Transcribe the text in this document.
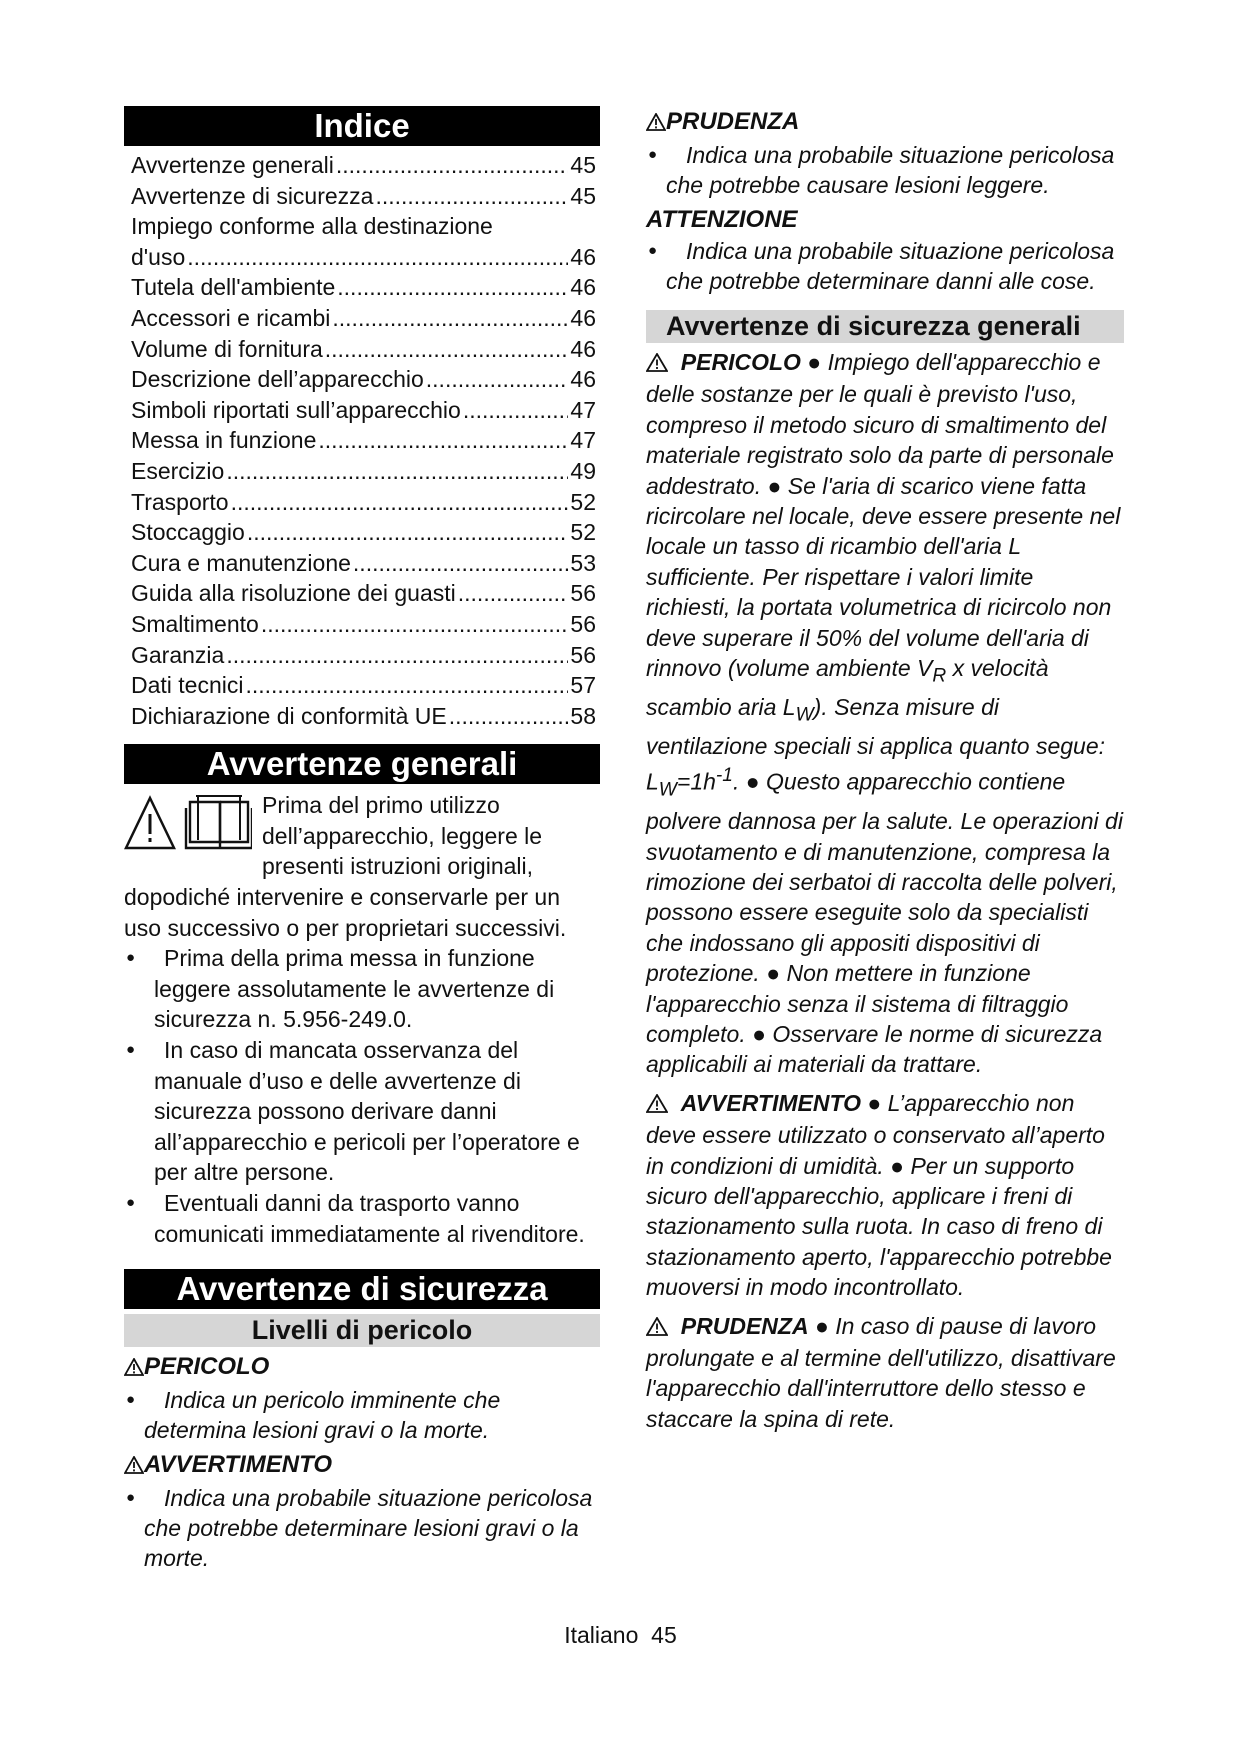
Indice
Avvertenze generali .....	45
Avvertenze di sicurezza .....	45
Impiego conforme alla destinazione
d'uso .....	46
Tutela dell'ambiente .....	46
Accessori e ricambi .....	46
Volume di fornitura .....	46
Descrizione dell’apparecchio .....	46
Simboli riportati sull’apparecchio .....	47
Messa in funzione .....	47
Esercizio .....	49
Trasporto .....	52
Stoccaggio .....	52
Cura e manutenzione .....	53
Guida alla risoluzione dei guasti .....	56
Smaltimento .....	56
Garanzia .....	56
Dati tecnici .....	57
Dichiarazione di conformità UE .....	58
Avvertenze generali
Prima del primo utilizzo dell’apparecchio, leggere le presenti istruzioni originali, dopodiché intervenire e conservarle per un uso successivo o per proprietari successivi.
● Prima della prima messa in funzione leggere assolutamente le avvertenze di sicurezza n. 5.956-249.0.
● In caso di mancata osservanza del manuale d’uso e delle avvertenze di sicurezza possono derivare danni all’apparecchio e pericoli per l’operatore e per altre persone.
● Eventuali danni da trasporto vanno comunicati immediatamente al rivenditore.
Avvertenze di sicurezza
Livelli di pericolo
PERICOLO
● Indica un pericolo imminente che determina lesioni gravi o la morte.
AVVERTIMENTO
● Indica una probabile situazione pericolosa che potrebbe determinare lesioni gravi o la morte.
PRUDENZA
● Indica una probabile situazione pericolosa che potrebbe causare lesioni leggere.
ATTENZIONE
● Indica una probabile situazione pericolosa che potrebbe determinare danni alle cose.
Avvertenze di sicurezza generali
PERICOLO ● Impiego dell'apparecchio e delle sostanze per le quali è previsto l'uso, compreso il metodo sicuro di smaltimento del materiale registrato solo da parte di personale addestrato. ● Se l'aria di scarico viene fatta ricircolare nel locale, deve essere presente nel locale un tasso di ricambio dell'aria L sufficiente. Per rispettare i valori limite richiesti, la portata volumetrica di ricircolo non deve superare il 50% del volume dell'aria di rinnovo (volume ambiente $V_R$ x velocità scambio aria $L_W$). Senza misure di ventilazione speciali si applica quanto segue: $L_W=1h^{-1}$. ● Questo apparecchio contiene polvere dannosa per la salute. Le operazioni di svuotamento e di manutenzione, compresa la rimozione dei serbatoi di raccolta delle polveri, possono essere eseguite solo da specialisti che indossano gli appositi dispositivi di protezione. ● Non mettere in funzione l'apparecchio senza il sistema di filtraggio completo. ● Osservare le norme di sicurezza applicabili ai materiali da trattare.
AVVERTIMENTO ● L’apparecchio non deve essere utilizzato o conservato all’aperto in condizioni di umidità. ● Per un supporto sicuro dell'apparecchio, applicare i freni di stazionamento sulla ruota. In caso di freno di stazionamento aperto, l'apparecchio potrebbe muoversi in modo incontrollato.
PRUDENZA ● In caso di pause di lavoro prolungate e al termine dell'utilizzo, disattivare l'apparecchio dall'interruttore dello stesso e staccare la spina di rete.
Italiano 45
